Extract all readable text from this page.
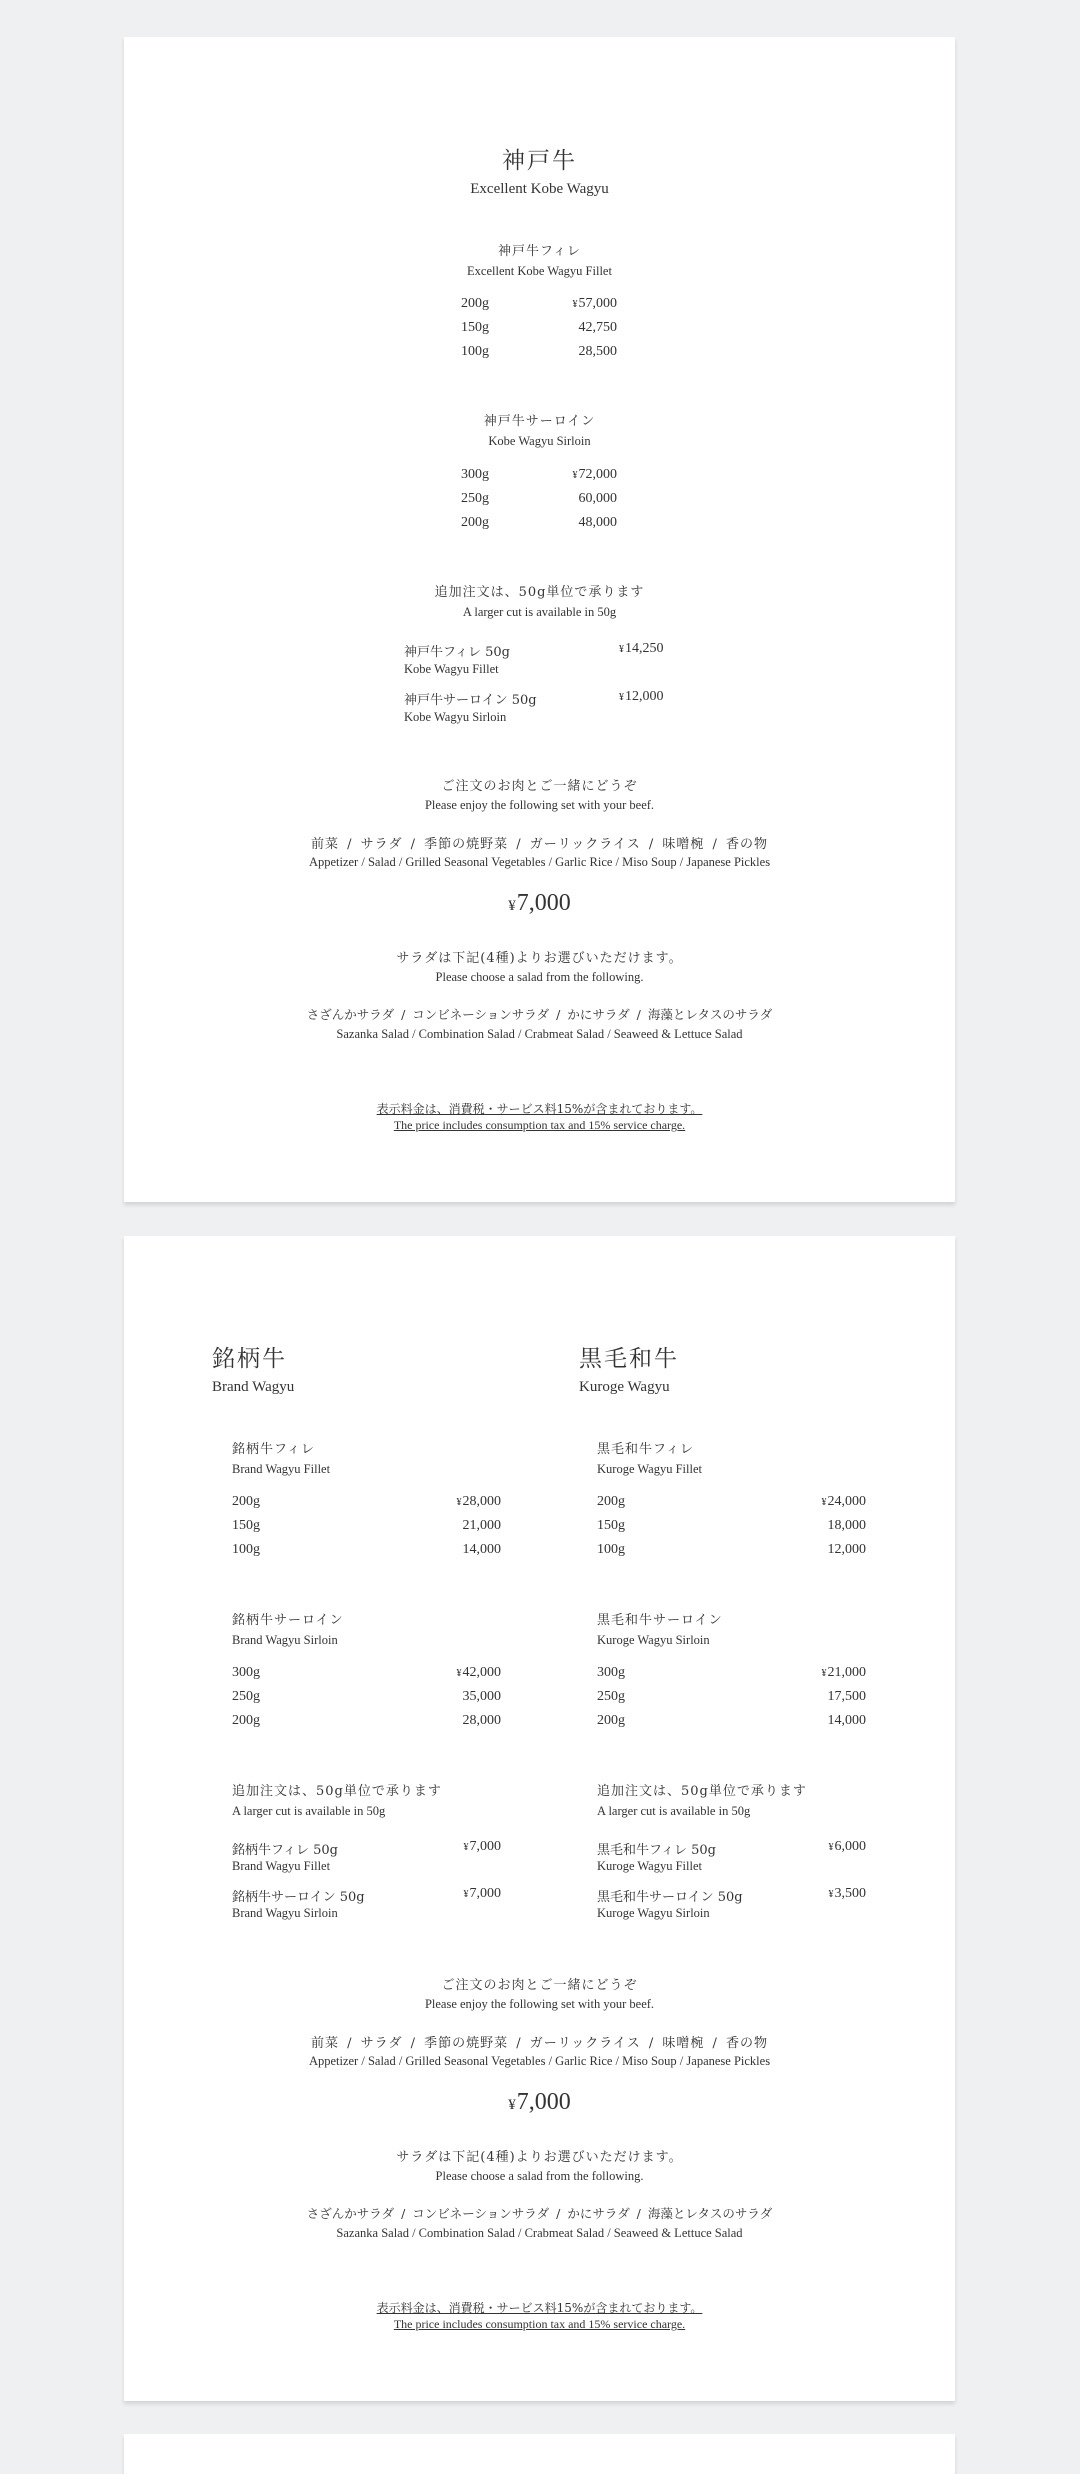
神戸牛
Excellent Kobe Wagyu
神戸牛フィレ
Excellent Kobe Wagyu Fillet
200g	¥57,000
150g	42,750
100g	28,500
神戸牛サーロイン
Kobe Wagyu Sirloin
300g	¥72,000
250g	60,000
200g	48,000
追加注文は、50g単位で承ります
A larger cut is available in 50g
神戸牛フィレ 50g
Kobe Wagyu Fillet
¥14,250
神戸牛サーロイン 50g
Kobe Wagyu Sirloin
¥12,000
ご注文のお肉とご一緒にどうぞ
Please enjoy the following set with your beef.
前菜 / サラダ / 季節の焼野菜 / ガーリックライス / 味噌椀 / 香の物
Appetizer / Salad / Grilled Seasonal Vegetables / Garlic Rice / Miso Soup / Japanese Pickles
¥7,000
サラダは下記(4種)よりお選びいただけます。
Please choose a salad from the following.
さざんかサラダ / コンビネーションサラダ / かにサラダ / 海藻とレタスのサラダ
Sazanka Salad / Combination Salad / Crabmeat Salad / Seaweed & Lettuce Salad
表示料金は、消費税・サービス料15%が含まれております。
The price includes consumption tax and 15% service charge.
銘柄牛
Brand Wagyu
銘柄牛フィレ
Brand Wagyu Fillet
200g	¥28,000
150g	21,000
100g	14,000
銘柄牛サーロイン
Brand Wagyu Sirloin
300g	¥42,000
250g	35,000
200g	28,000
追加注文は、50g単位で承ります
A larger cut is available in 50g
銘柄牛フィレ 50g
Brand Wagyu Fillet
¥7,000
銘柄牛サーロイン 50g
Brand Wagyu Sirloin
¥7,000
黒毛和牛
Kuroge Wagyu
黒毛和牛フィレ
Kuroge Wagyu Fillet
200g	¥24,000
150g	18,000
100g	12,000
黒毛和牛サーロイン
Kuroge Wagyu Sirloin
300g	¥21,000
250g	17,500
200g	14,000
追加注文は、50g単位で承ります
A larger cut is available in 50g
黒毛和牛フィレ 50g
Kuroge Wagyu Fillet
¥6,000
黒毛和牛サーロイン 50g
Kuroge Wagyu Sirloin
¥3,500
ご注文のお肉とご一緒にどうぞ
Please enjoy the following set with your beef.
前菜 / サラダ / 季節の焼野菜 / ガーリックライス / 味噌椀 / 香の物
Appetizer / Salad / Grilled Seasonal Vegetables / Garlic Rice / Miso Soup / Japanese Pickles
¥7,000
サラダは下記(4種)よりお選びいただけます。
Please choose a salad from the following.
さざんかサラダ / コンビネーションサラダ / かにサラダ / 海藻とレタスのサラダ
Sazanka Salad / Combination Salad / Crabmeat Salad / Seaweed & Lettuce Salad
表示料金は、消費税・サービス料15%が含まれております。
The price includes consumption tax and 15% service charge.
